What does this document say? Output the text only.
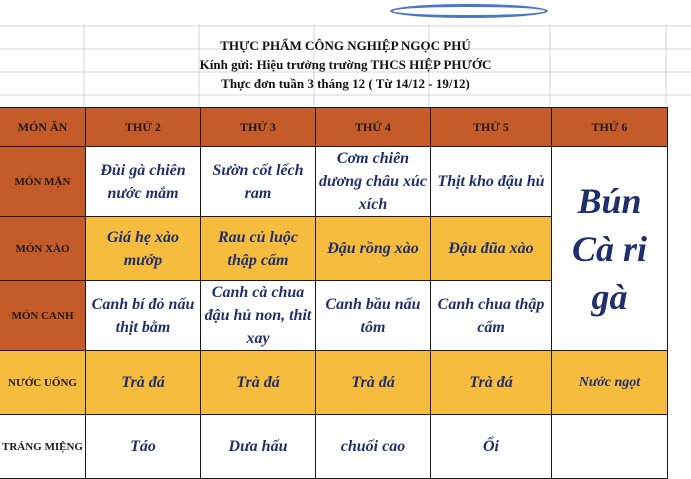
THỰC PHẨM CÔNG NGHIỆP NGỌC PHÚ
Kính gửi: Hiệu trưởng trường THCS HIỆP PHƯỚC
Thực đơn tuần 3 tháng 12 ( Từ 14/12 - 19/12)
MÓN ĂN	THỨ 2	THỨ 3	THỨ 4	THỨ 5	THỨ 6
MÓN MẶN	Đùi gà chiên nước mắm	Sườn cốt lếch ram	Cơm chiên dương châu xúc xích	Thịt kho đậu hủ	Bún Cà ri gà
MÓN XÀO	Giá hẹ xào mướp	Rau củ luộc thập cẩm	Đậu rồng xào	Đậu đũa xào	
MÓN CANH	Canh bí đỏ nấu thịt bằm	Canh cà chua đậu hủ non, thit xay	Canh bầu nấu tôm	Canh chua thập cẩm	
NƯỚC UỐNG	Trà đá	Trà đá	Trà đá	Trà đá	Nước ngọt
TRÁNG MIỆNG	Táo	Dưa hấu	chuối cao	Ổi	
